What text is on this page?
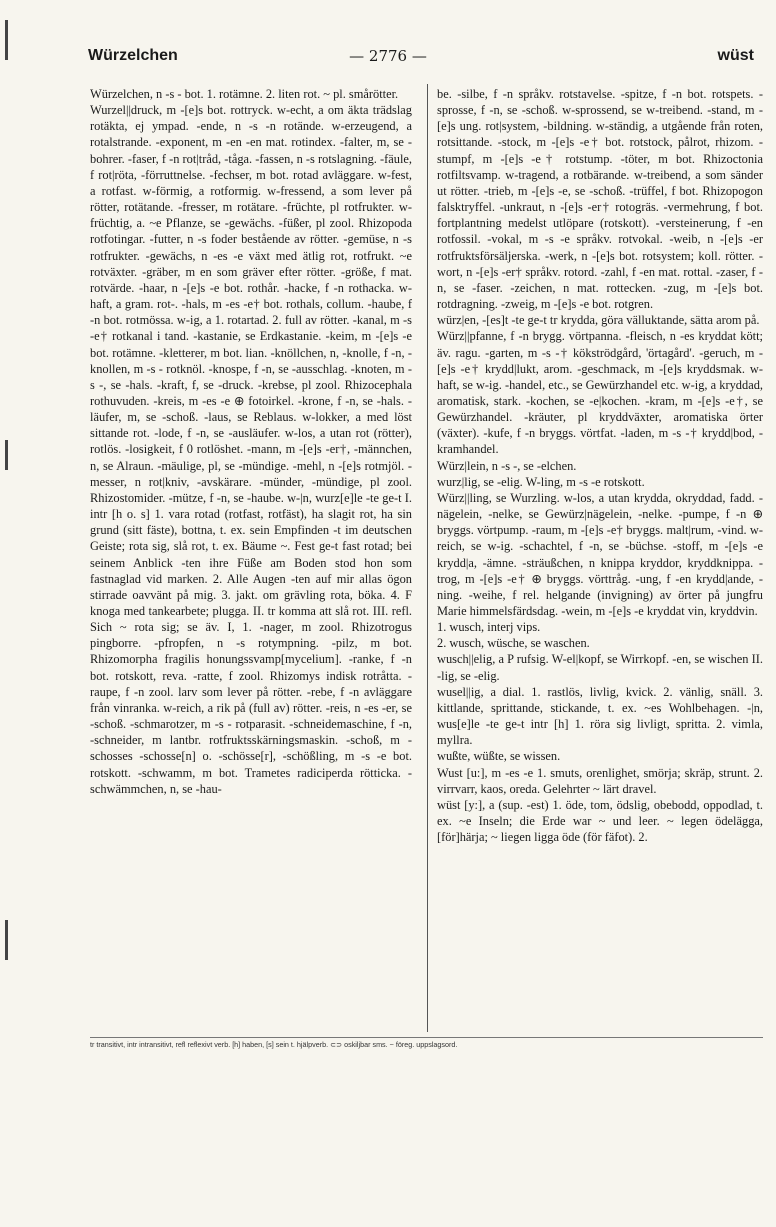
Würzelchen	— 2776 —	wüst

Würzelchen, n -s - bot. 1. rotämne. 2. liten rot. ~ pl. smårötter.

Wurzel||druck, m -[e]s bot. rottryck. w-echt, a om äkta trädslag rotäkta, ej ympad. -ende, n -s -n rotände. w-erzeugend, a rotalstrande. -exponent, m -en -en mat. rotindex. -falter, m, se -bohrer. -faser, f -n rot|tråd, -tåga. -fassen, n -s rotslagning. -fäule, f rot|röta, -förruttnelse. -fechser, m bot. rotad avläggare. w-fest, a rotfast. w-förmig, a rotformig. w-fressend, a som lever på rötter, rotätande. -fresser, m rotätare. -früchte, pl rotfrukter. w-früchtig, a. ~e Pflanze, se -gewächs. -füßer, pl zool. Rhizopoda rotfotingar. -futter, n -s foder bestående av rötter. -gemüse, n -s rotfrukter. -gewächs, n -es -e växt med ätlig rot, rotfrukt. ~e rotväxter. -gräber, m en som gräver efter rötter. -größe, f mat. rotvärde. -haar, n -[e]s -e bot. rothår. -hacke, f -n rothacka. w-haft, a gram. rot-. -hals, m -es -e† bot. rothals, collum. -haube, f -n bot. rotmössa. w-ig, a 1. rotartad. 2. full av rötter. -kanal, m -s -e† rotkanal i tand. -kastanie, se Erdkastanie. -keim, m -[e]s -e bot. rotämne. -kletterer, m bot. lian. -knöllchen, n, -knolle, f -n, -knollen, m -s - rotknöl. -knospe, f -n, se -ausschlag. -knoten, m -s -, se -hals. -kraft, f, se -druck. -krebse, pl zool. Rhizocephala rothuvuden. -kreis, m -es -e ⊕ fotoirkel. -krone, f -n, se -hals. -läufer, m, se -schoß. -laus, se Reblaus. w-lokker, a med löst sittande rot. -lode, f -n, se -ausläufer. w-los, a utan rot (rötter), rotlös. -losigkeit, f 0 rotlöshet. -mann, m -[e]s -er†, -männchen, n, se Alraun. -mäulige, pl, se -mündige. -mehl, n -[e]s rotmjöl. -messer, n rot|kniv, -avskärare. -münder, -mündige, pl zool. Rhizostomider. -mütze, f -n, se -haube. w-|n, wurz[e]le -te ge-t I. intr [h o. s] 1. vara rotad (rotfast, rotfäst), ha slagit rot, ha sin grund (sitt fäste), bottna, t. ex. sein Empfinden -t im deutschen Geiste; rota sig, slå rot, t. ex. Bäume ~. Fest ge-t fast rotad; bei seinem Anblick -ten ihre Füße am Boden stod hon som fastnaglad vid marken. 2. Alle Augen -ten auf mir allas ögon stirrade oavvänt på mig. 3. jakt. om grävling rota, böka. 4. F knoga med tankearbete; plugga. II. tr komma att slå rot. III. refl. Sich ~ rota sig; se äv. I, 1. -nager, m zool. Rhizotrogus pingborre. -pfropfen, n -s rotympning. -pilz, m bot. Rhizomorpha fragilis honungssvamp[mycelium]. -ranke, f -n bot. rotskott, reva. -ratte, f zool. Rhizomys indisk rotråtta. -raupe, f -n zool. larv som lever på rötter. -rebe, f -n avläggare från vinranka. w-reich, a rik på (full av) rötter. -reis, n -es -er, se -schoß. -schmarotzer, m -s - rotparasit. -schneidemaschine, f -n, -schneider, m lantbr. rotfruktsskärningsmaskin. -schoß, m -schosses -schosse[n] o. -schösse[r], -schößling, m -s -e bot. rotskott. -schwamm, m bot. Trametes radiciperda rötticka. -schwämmchen, n, se -hau-

be. -silbe, f -n språkv. rotstavelse. -spitze, f -n bot. rotspets. -sprosse, f -n, se -schoß. w-sprossend, se w-treibend. -stand, m -[e]s ung. rot|system, -bildning. w-ständig, a utgående från roten, rotsittande. -stock, m -[e]s -e† bot. rotstock, pålrot, rhizom. -stumpf, m -[e]s -e† rotstump. -töter, m bot. Rhizoctonia rotfiltsvamp. w-tragend, a rotbärande. w-treibend, a som sänder ut rötter. -trieb, m -[e]s -e, se -schoß. -trüffel, f bot. Rhizopogon falsktryffel. -unkraut, n -[e]s -er† rotogräs. -vermehrung, f bot. fortplantning medelst utlöpare (rotskott). -versteinerung, f -en rotfossil. -vokal, m -s -e språkv. rotvokal. -weib, n -[e]s -er rotfruktsförsäljerska. -werk, n -[e]s bot. rotsystem; koll. rötter. -wort, n -[e]s -er† språkv. rotord. -zahl, f -en mat. rottal. -zaser, f -n, se -faser. -zeichen, n mat. rottecken. -zug, m -[e]s bot. rotdragning. -zweig, m -[e]s -e bot. rotgren.

würz|en, -[es]t -te ge-t tr krydda, göra välluktande, sätta arom på.

Würz||pfanne, f -n brygg. vörtpanna. -fleisch, n -es kryddat kött; äv. ragu. -garten, m -s -† kökströdgård, 'örtagård'. -geruch, m -[e]s -e† krydd|lukt, arom. -geschmack, m -[e]s kryddsmak. w-haft, se w-ig. -handel, etc., se Gewürzhandel etc. w-ig, a kryddad, aromatisk, stark. -kochen, se -e|kochen. -kram, m -[e]s -e†, se Gewürzhandel. -kräuter, pl kryddväxter, aromatiska örter (växter). -kufe, f -n bryggs. vörtfat. -laden, m -s -† krydd|bod, -kramhandel.

Würz|lein, n -s -, se -elchen.

wurz|lig, se -elig. W-ling, m -s -e rotskott.

Würz||ling, se Wurzling. w-los, a utan krydda, okryddad, fadd. -nägelein, -nelke, se Gewürz|nägelein, -nelke. -pumpe, f -n ⊕ bryggs. vörtpump. -raum, m -[e]s -e† bryggs. malt|rum, -vind. w-reich, se w-ig. -schachtel, f -n, se -büchse. -stoff, m -[e]s -e krydd|a, -ämne. -sträußchen, n knippa kryddor, kryddknippa. -trog, m -[e]s -e† ⊕ bryggs. vörttråg. -ung, f -en krydd|ande, -ning. -weihe, f rel. helgande (invigning) av örter på jungfru Marie himmelsfärdsdag. -wein, m -[e]s -e kryddat vin, kryddvin.

1. wusch, interj vips.

2. wusch, wüsche, se waschen.

wusch||elig, a P rufsig. W-el|kopf, se Wirrkopf. -en, se wischen II. -lig, se -elig.

wusel||ig, a dial. 1. rastlös, livlig, kvick. 2. vänlig, snäll. 3. kittlande, sprittande, stickande, t. ex. ~es Wohlbehagen. -|n, wus[e]le -te ge-t intr [h] 1. röra sig livligt, spritta. 2. vimla, myllra.

wußte, wüßte, se wissen.

Wust [u:], m -es -e 1. smuts, orenlighet, smörja; skräp, strunt. 2. virrvarr, kaos, oreda. Gelehrter ~ lärt dravel.

wüst [y:], a (sup. -est) 1. öde, tom, ödslig, obebodd, oppodlad, t. ex. ~e Inseln; die Erde war ~ und leer. ~ legen ödelägga, [för]härja; ~ liegen ligga öde (för fäfot). 2.

tr transitivt, intr intransitivt, refl reflexivt verb. [h] haben, [s] sein t. hjälpverb. ⊂⊃ oskiljbar sms. ~ föreg. uppslagsord.
